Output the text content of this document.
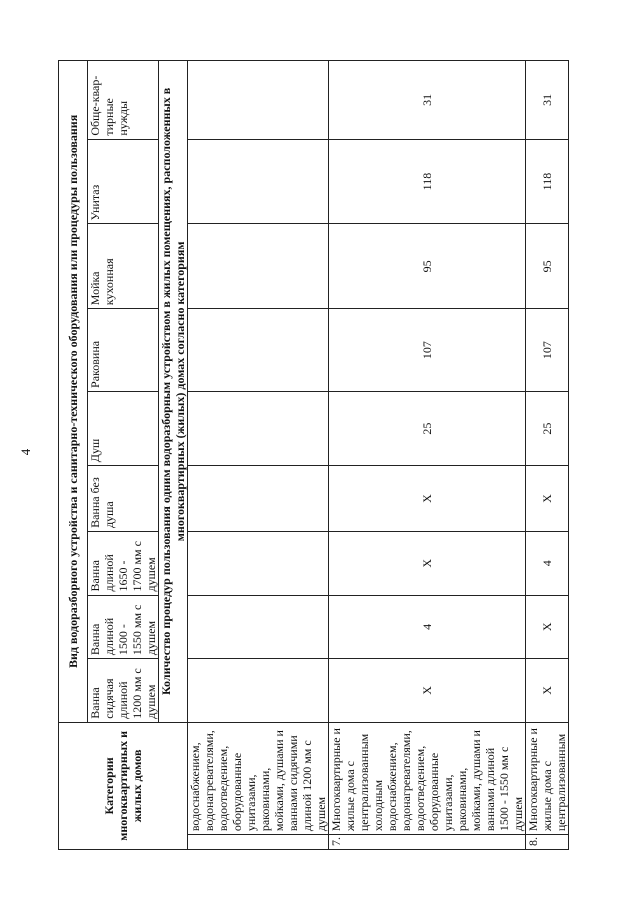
4
Категории многоквартирных и жилых домов		Вид водоразборного устройства и санитарно-технического оборудования или процедуры пользования								
		Ванна сидячая длиной 1200 мм с душем	Ванна длиной 1500 - 1550 мм с душем	Ванна длиной 1650 - 1700 мм с душем	Ванна без душа	Душ	Раковина	Мойка кухонная	Унитаз	Обще-квар-тирные нужды
		Количество процедур пользования одним водоразборным устройством в жилых помещениях, расположенных в многоквартирных (жилых) домах согласно категориям								
	водоснабжением, водонагревателями, водоотведением, оборудованные унитазами, раковинами, мойками, душами и ваннами сидячими длиной 1200 мм с душем									
7.	Многоквартирные и жилые дома с централизованным холодным водоснабжением, водонагревателями, водоотведением, оборудованные унитазами, раковинами, мойками, душами и ваннами длиной 1500 - 1550 мм с душем	X	4	X	X	25	107	95	118	31
8.	Многоквартирные и жилые дома с централизованным	X	X	4	X	25	107	95	118	31
